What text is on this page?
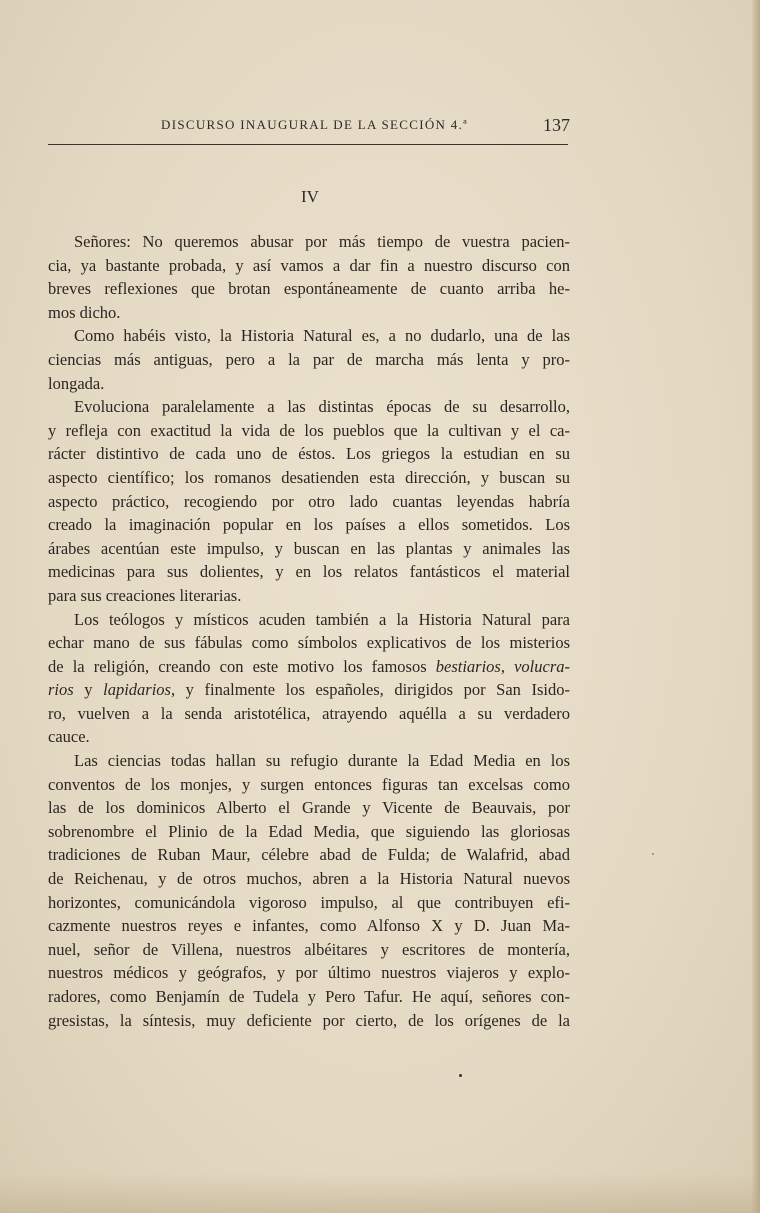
DISCURSO INAUGURAL DE LA SECCIÓN 4.ª	137
IV

Señores: No queremos abusar por más tiempo de vuestra pacien-
cia, ya bastante probada, y así vamos a dar fin a nuestro discurso con
breves reflexiones que brotan espontáneamente de cuanto arriba he-
mos dicho.

Como habéis visto, la Historia Natural es, a no dudarlo, una de las
ciencias más antiguas, pero a la par de marcha más lenta y pro-
longada.

Evoluciona paralelamente a las distintas épocas de su desarrollo,
y refleja con exactitud la vida de los pueblos que la cultivan y el ca-
rácter distintivo de cada uno de éstos. Los griegos la estudian en su
aspecto científico; los romanos desatienden esta dirección, y buscan su
aspecto práctico, recogiendo por otro lado cuantas leyendas habría
creado la imaginación popular en los países a ellos sometidos. Los
árabes acentúan este impulso, y buscan en las plantas y animales las
medicinas para sus dolientes, y en los relatos fantásticos el material
para sus creaciones literarias.

Los teólogos y místicos acuden también a la Historia Natural para
echar mano de sus fábulas como símbolos explicativos de los misterios
de la religión, creando con este motivo los famosos bestiarios, volucra-
rios y lapidarios, y finalmente los españoles, dirigidos por San Isido-
ro, vuelven a la senda aristotélica, atrayendo aquélla a su verdadero
cauce.

Las ciencias todas hallan su refugio durante la Edad Media en los
conventos de los monjes, y surgen entonces figuras tan excelsas como
las de los dominicos Alberto el Grande y Vicente de Beauvais, por
sobrenombre el Plinio de la Edad Media, que siguiendo las gloriosas
tradiciones de Ruban Maur, célebre abad de Fulda; de Walafrid, abad
de Reichenau, y de otros muchos, abren a la Historia Natural nuevos
horizontes, comunicándola vigoroso impulso, al que contribuyen efi-
cazmente nuestros reyes e infantes, como Alfonso X y D. Juan Ma-
nuel, señor de Villena, nuestros albéitares y escritores de montería,
nuestros médicos y geógrafos, y por último nuestros viajeros y explo-
radores, como Benjamín de Tudela y Pero Tafur. He aquí, señores con-
gresistas, la síntesis, muy deficiente por cierto, de los orígenes de la
